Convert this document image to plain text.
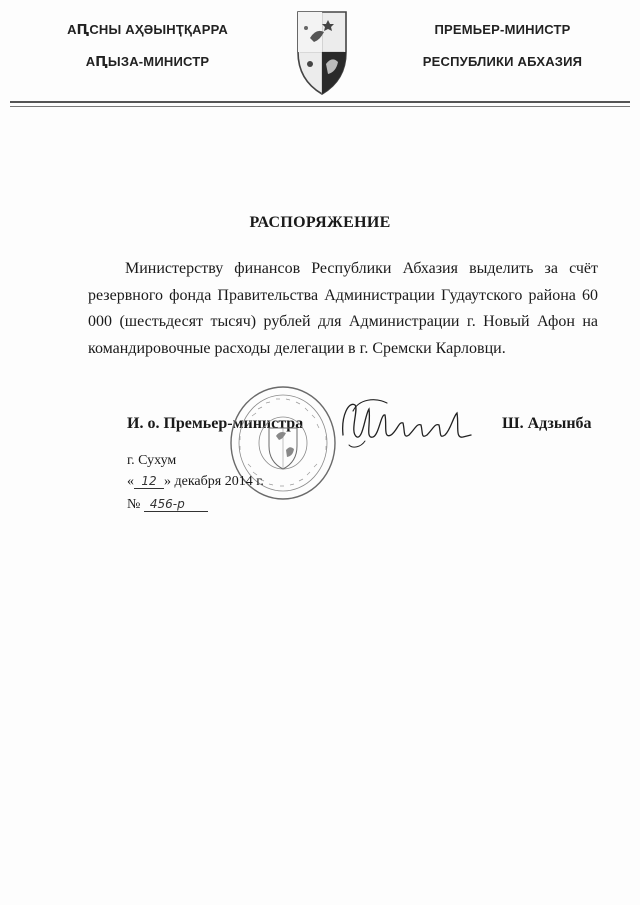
АԤСНЫ АҲӘЫНҬҚАРРА
АԤЫЗА-МИНИСТР
ПРЕМЬЕР-МИНИСТР
РЕСПУБЛИКИ АБХАЗИЯ
РАСПОРЯЖЕНИЕ
Министерству финансов Республики Абхазия выделить за счёт резервного фонда Правительства Администрации Гудаутского района 60 000 (шестьдесят тысяч) рублей для Администрации г. Новый Афон на командировочные расходы делегации в г. Сремски Карловци.
И. о. Премьер-министра	Ш. Адзынба
г. Сухум
« 12 » декабря 2014 г.
№ 456-р
